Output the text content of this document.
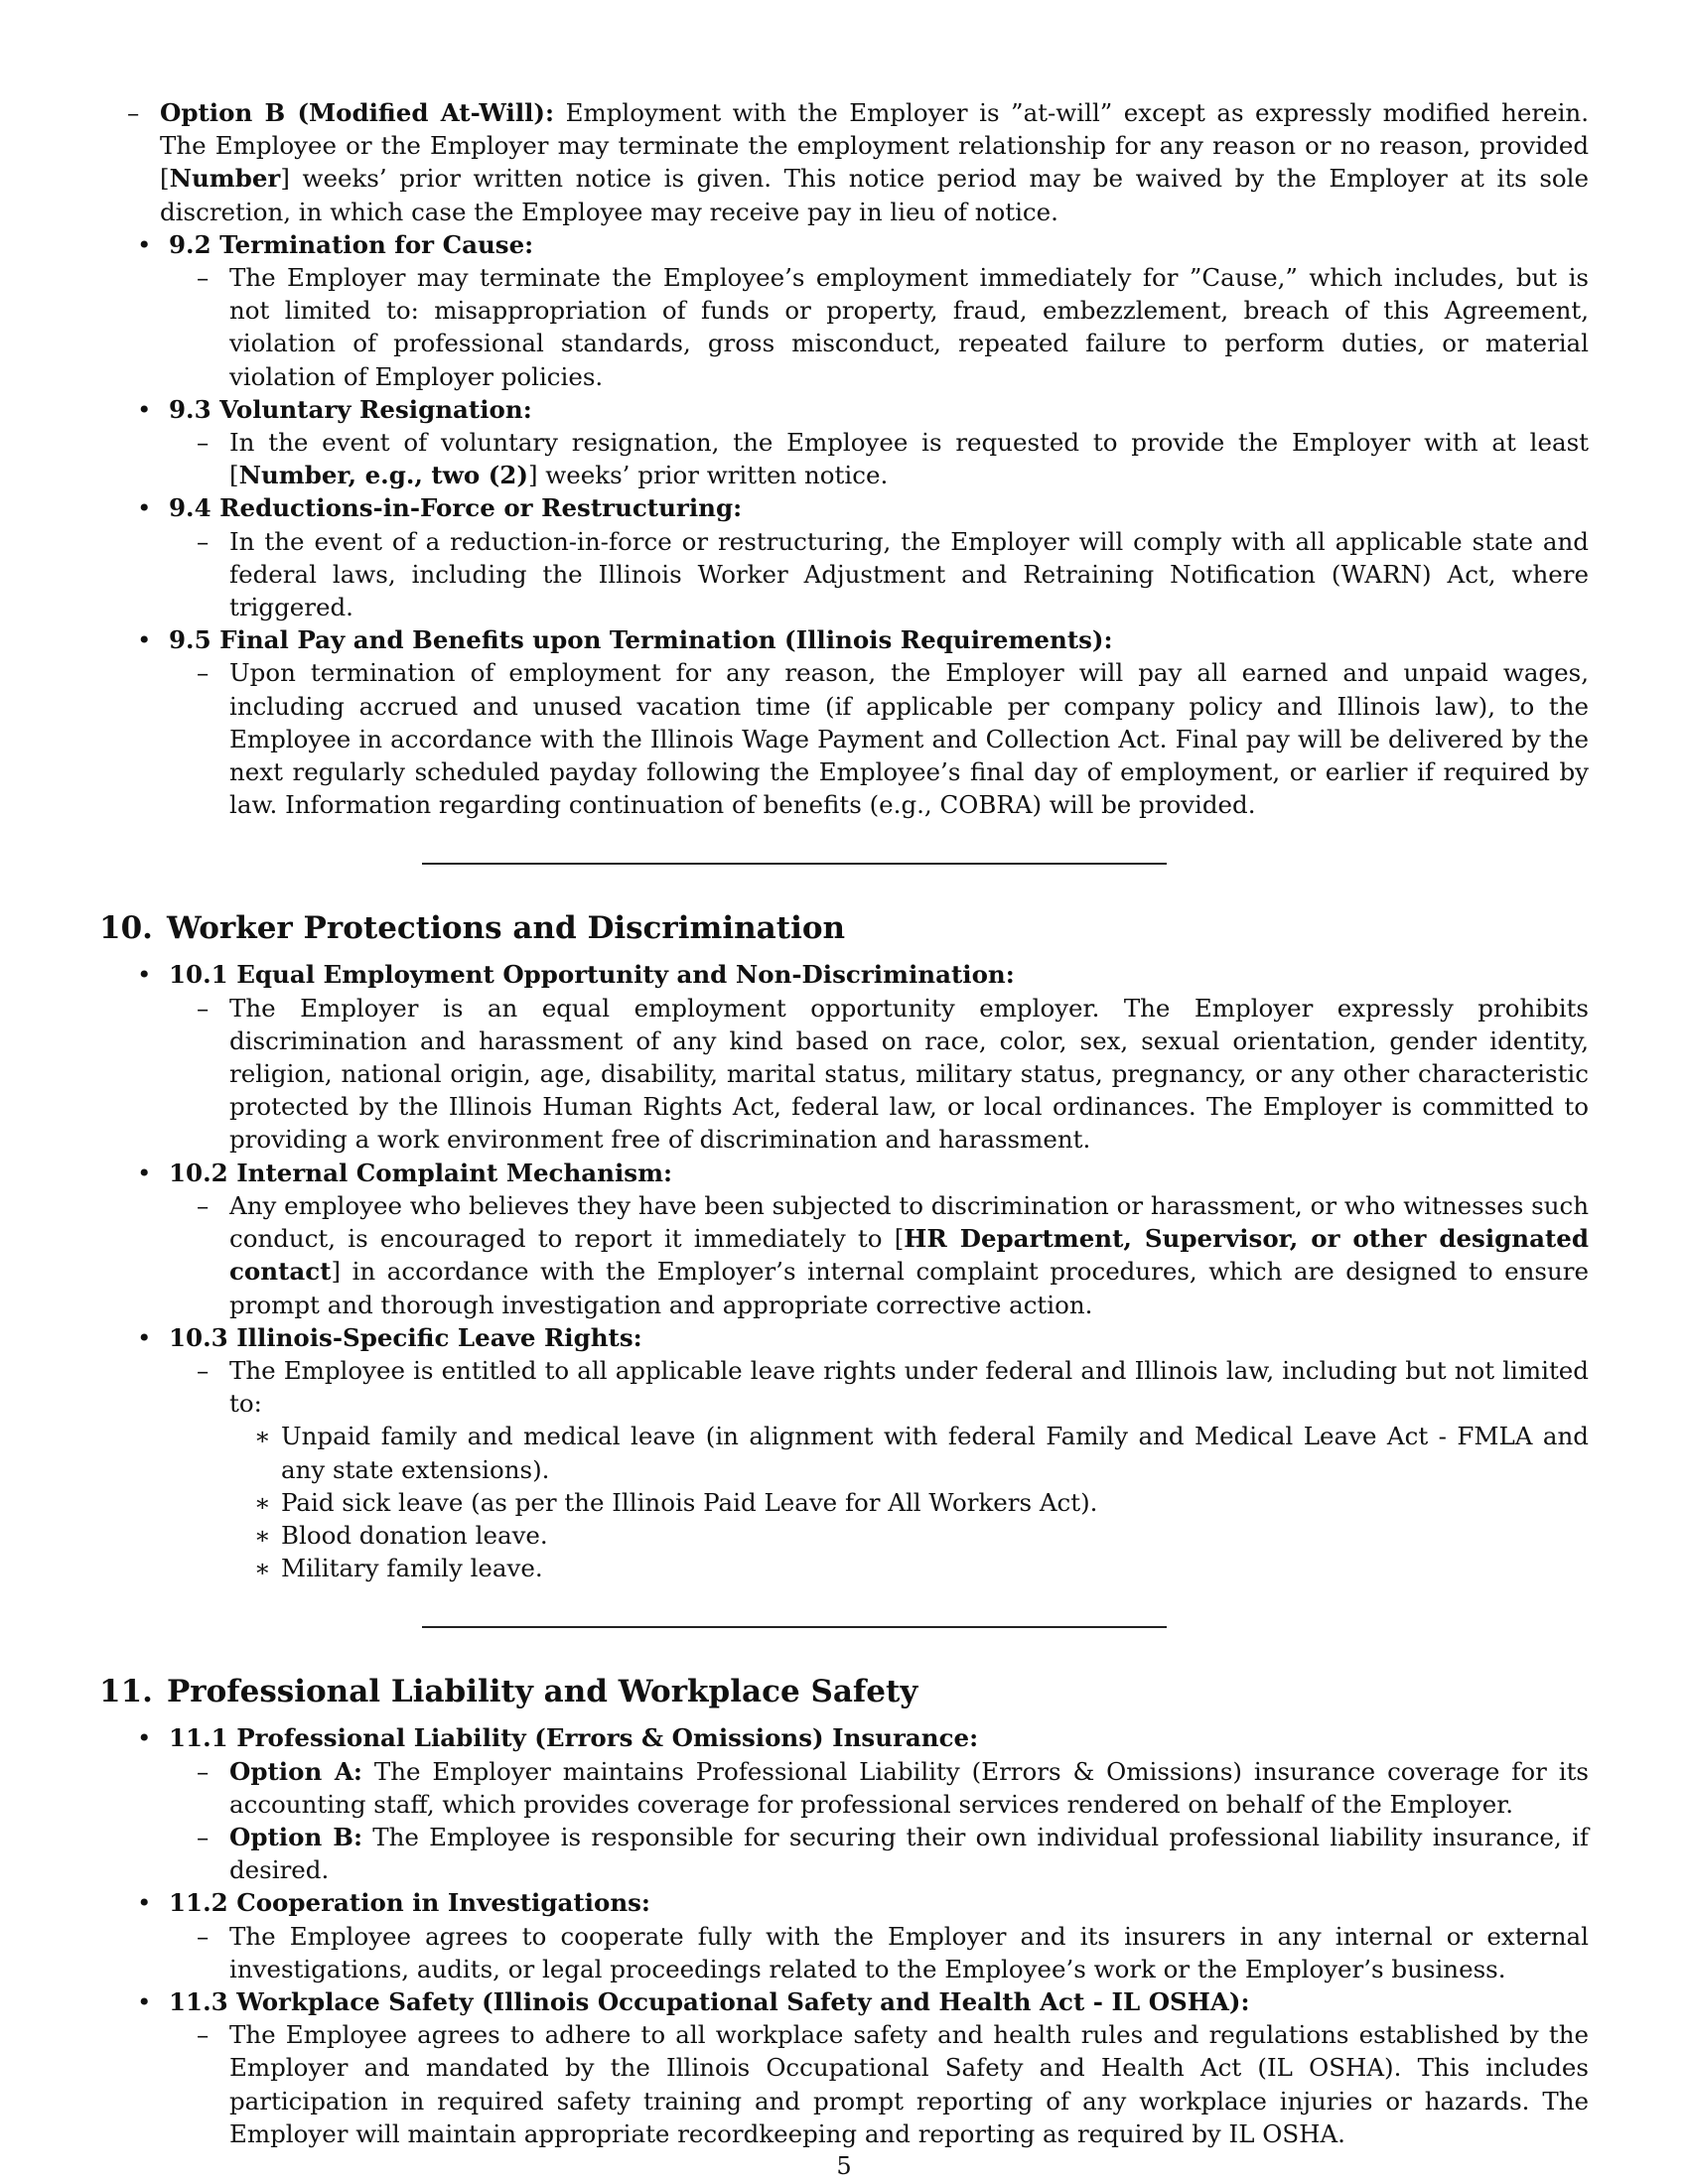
– Option B (Modified At-Will): Employment with the Employer is ”at-will” except as expressly modified herein. The Employee or the Employer may terminate the employment relationship for any reason or no reason, provided [Number] weeks’ prior written notice is given. This notice period may be waived by the Employer at its sole discretion, in which case the Employee may receive pay in lieu of notice.
• 9.2 Termination for Cause:
– The Employer may terminate the Employee’s employment immediately for ”Cause,” which includes, but is not limited to: misappropriation of funds or property, fraud, embezzlement, breach of this Agreement, violation of professional standards, gross misconduct, repeated failure to perform duties, or material violation of Employer policies.
• 9.3 Voluntary Resignation:
– In the event of voluntary resignation, the Employee is requested to provide the Employer with at least [Number, e.g., two (2)] weeks’ prior written notice.
• 9.4 Reductions-in-Force or Restructuring:
– In the event of a reduction-in-force or restructuring, the Employer will comply with all applicable state and federal laws, including the Illinois Worker Adjustment and Retraining Notification (WARN) Act, where triggered.
• 9.5 Final Pay and Benefits upon Termination (Illinois Requirements):
– Upon termination of employment for any reason, the Employer will pay all earned and unpaid wages, including accrued and unused vacation time (if applicable per company policy and Illinois law), to the Employee in accordance with the Illinois Wage Payment and Collection Act. Final pay will be delivered by the next regularly scheduled payday following the Employee’s final day of employment, or earlier if required by law. Information regarding continuation of benefits (e.g., COBRA) will be provided.
10. Worker Protections and Discrimination
• 10.1 Equal Employment Opportunity and Non-Discrimination:
– The Employer is an equal employment opportunity employer. The Employer expressly prohibits discrimination and harassment of any kind based on race, color, sex, sexual orientation, gender identity, religion, national origin, age, disability, marital status, military status, pregnancy, or any other characteristic protected by the Illinois Human Rights Act, federal law, or local ordinances. The Employer is committed to providing a work environment free of discrimination and harassment.
• 10.2 Internal Complaint Mechanism:
– Any employee who believes they have been subjected to discrimination or harassment, or who witnesses such conduct, is encouraged to report it immediately to [HR Department, Supervisor, or other designated contact] in accordance with the Employer’s internal complaint procedures, which are designed to ensure prompt and thorough investigation and appropriate corrective action.
• 10.3 Illinois-Specific Leave Rights:
– The Employee is entitled to all applicable leave rights under federal and Illinois law, including but not limited to:
∗ Unpaid family and medical leave (in alignment with federal Family and Medical Leave Act - FMLA and any state extensions).
∗ Paid sick leave (as per the Illinois Paid Leave for All Workers Act).
∗ Blood donation leave.
∗ Military family leave.
11. Professional Liability and Workplace Safety
• 11.1 Professional Liability (Errors & Omissions) Insurance:
– Option A: The Employer maintains Professional Liability (Errors & Omissions) insurance coverage for its accounting staff, which provides coverage for professional services rendered on behalf of the Employer.
– Option B: The Employee is responsible for securing their own individual professional liability insurance, if desired.
• 11.2 Cooperation in Investigations:
– The Employee agrees to cooperate fully with the Employer and its insurers in any internal or external investigations, audits, or legal proceedings related to the Employee’s work or the Employer’s business.
• 11.3 Workplace Safety (Illinois Occupational Safety and Health Act - IL OSHA):
– The Employee agrees to adhere to all workplace safety and health rules and regulations established by the Employer and mandated by the Illinois Occupational Safety and Health Act (IL OSHA). This includes participation in required safety training and prompt reporting of any workplace injuries or hazards. The Employer will maintain appropriate recordkeeping and reporting as required by IL OSHA.
5
